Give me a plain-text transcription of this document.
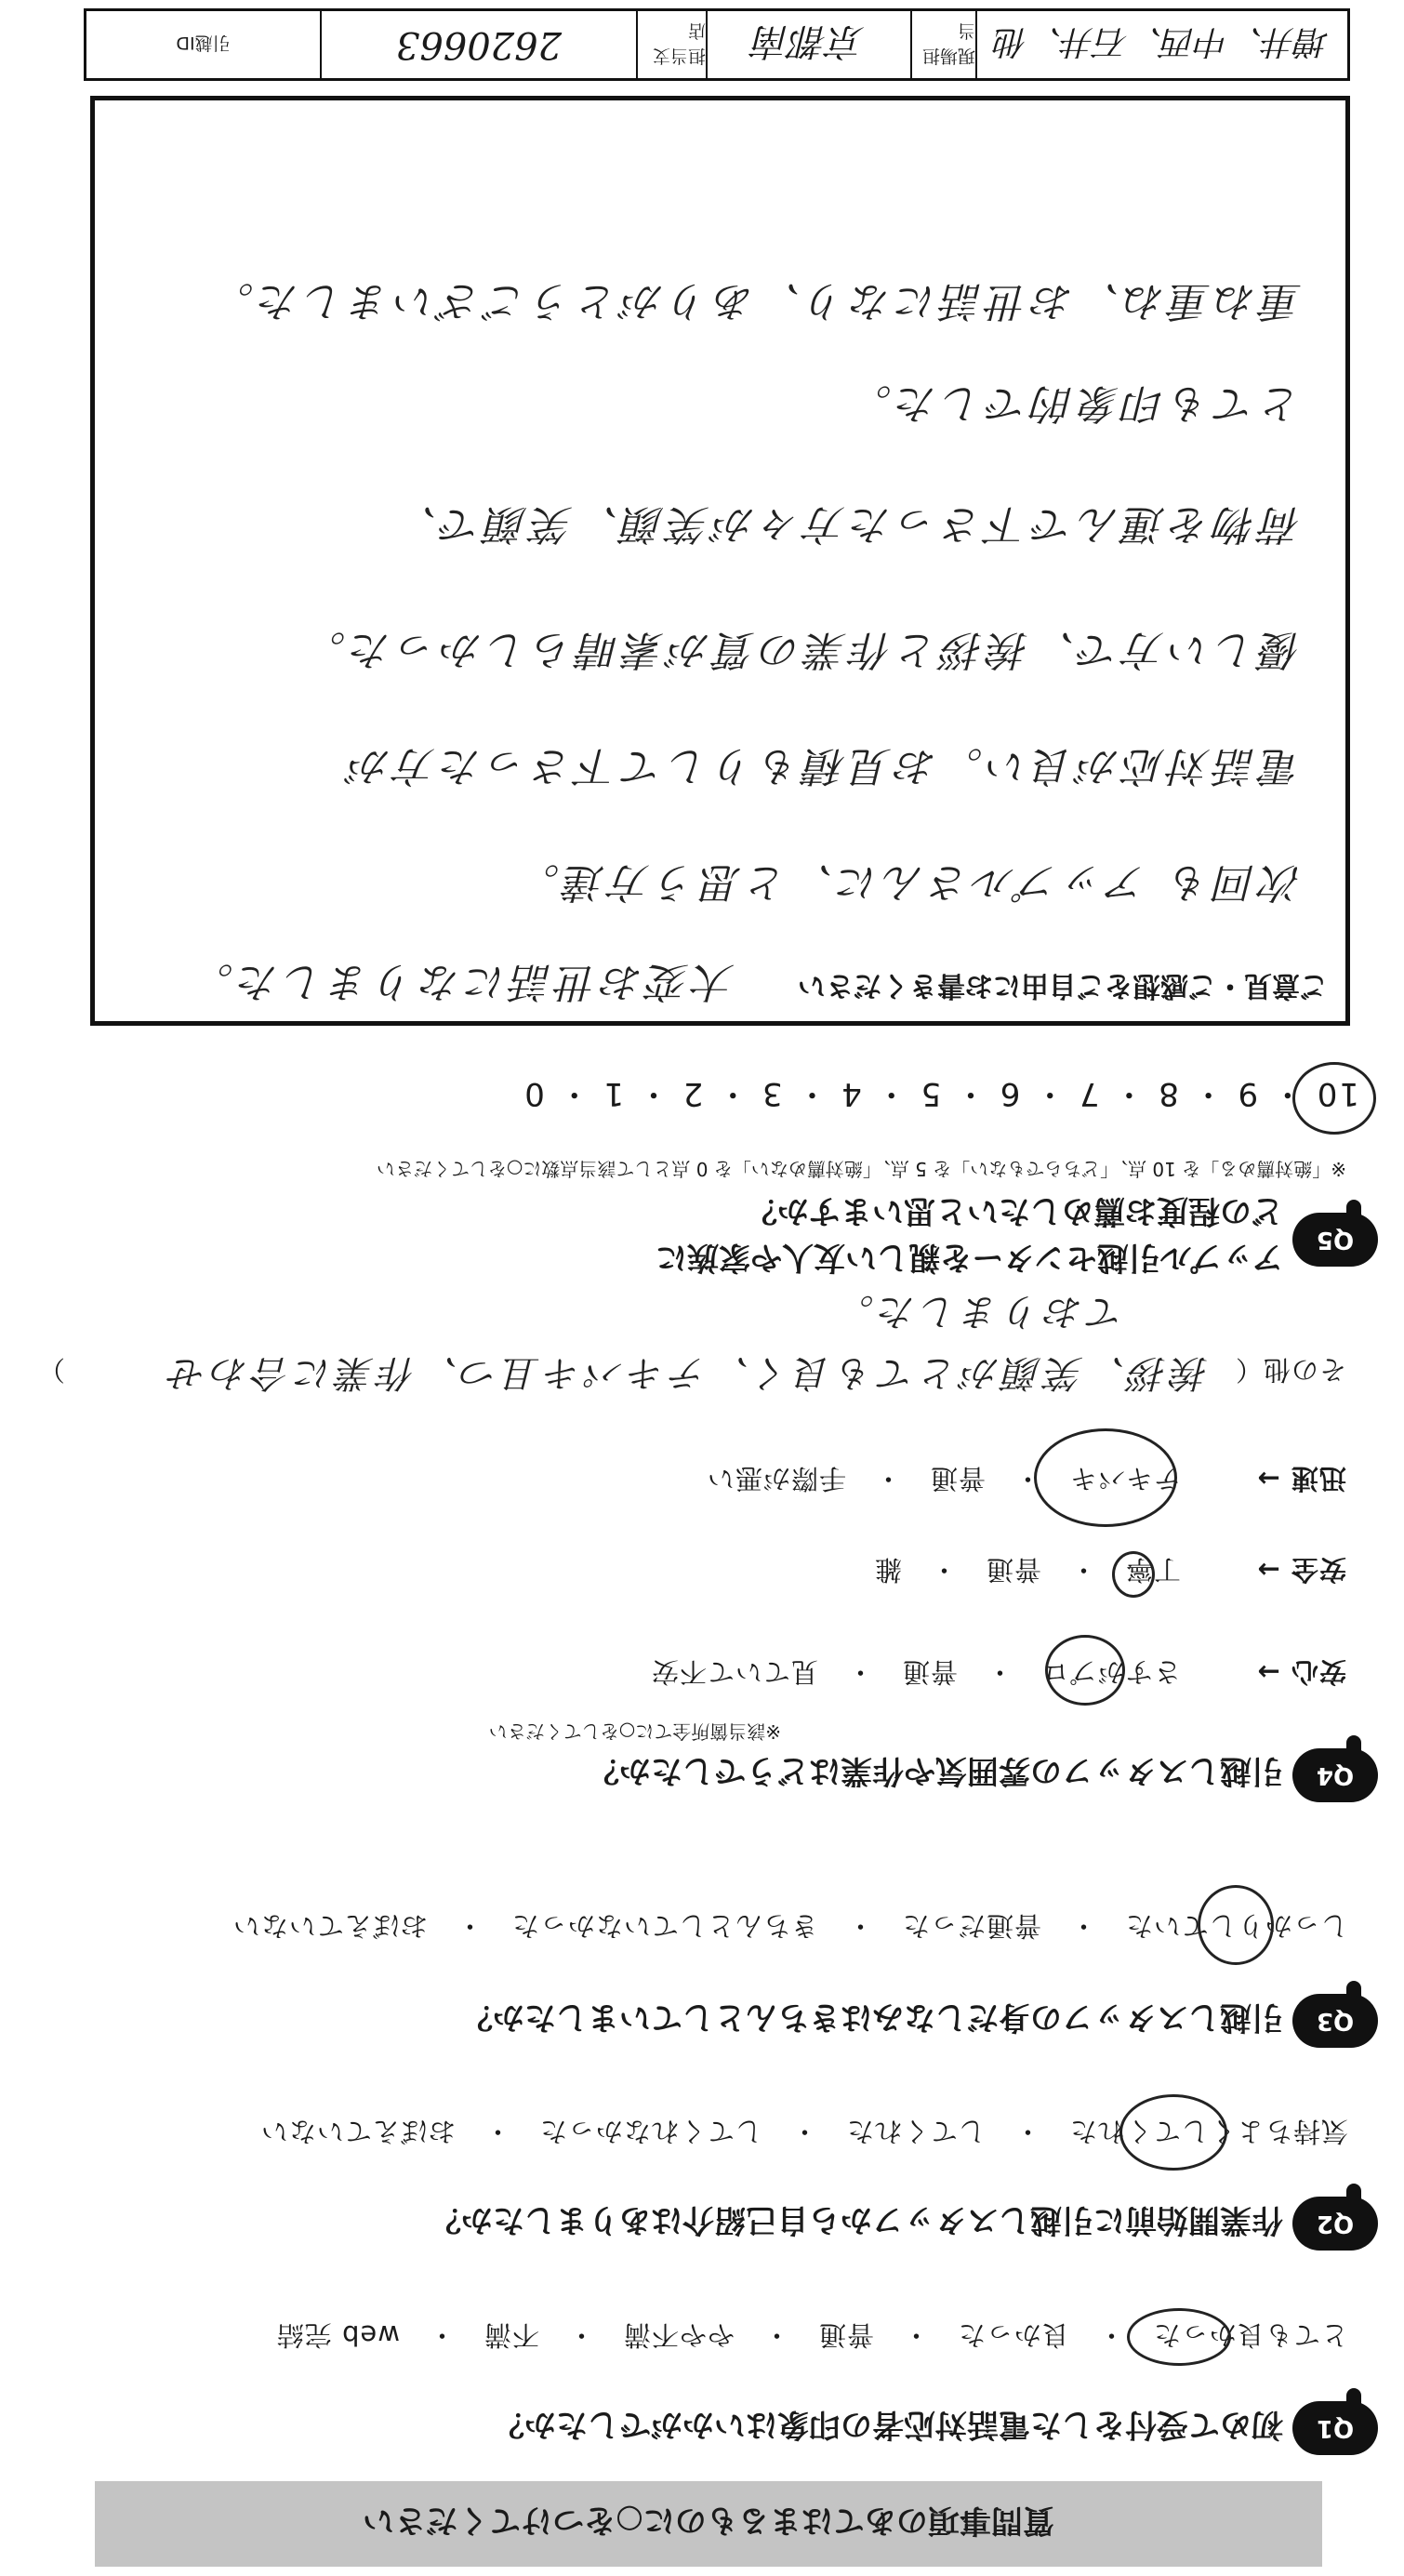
質問事項のあてはまるものに○をつけてください
Q1
初めて受付をした電話対応者の印象はいかがでしたか？
とても良かった　・　良かった　・　普通　・　やや不満　・　不満　・　web 完結
Q2
作業開始前に引越しスタッフから自己紹介はありましたか？
気持ちよくしてくれた　・　してくれた　・　してくれなかった　・　おぼえていない
Q3
引越しスタッフの身だしなみはきちんとしていましたか？
しっかりしていた　・　普通だった　・　きちんとしていなかった　・　おぼえていない
Q4
引越しスタッフの雰囲気や作業はどうでしたか？
※該当箇所全てに○をしてください
安心 →
さすがプロ　・　普通　・　見ていて不安
安全 →
丁寧　・　普通　・　雑
迅速 →
テキパキ　・　普通　・　手際が悪い
その他（
挨拶、笑顔がとても良く、テキパキ且つ、作業に合わせ
）
ておりました。
Q5
アップル引越センターを親しい友人や家族に
どの程度お薦めしたいと思いますか？
※「絶対薦める」を 10 点、「どちらでもない」を 5 点、「絶対薦めない」を 0 点として該当点数に○をしてください
10 ・ 9 ・ 8 ・ 7 ・ 6 ・ 5 ・ 4 ・ 3 ・ 2 ・ 1 ・ 0
ご意見・ご感想をご自由にお書きください
大変お世話になりました。
次回も アップルさんに、と思う方達。
電話対応が良い。お見積もりして下さった方が
優しい方で、挨拶と作業の質が素晴らしかった。
荷物を運んで下さった方々が笑顔、笑顔で、
とても印象的でした。
重ね重ね、お世話になり、ありがとうございました。
増井、中西、石井、他
現場担当
京都南
担当支店
2620663
引越ID
